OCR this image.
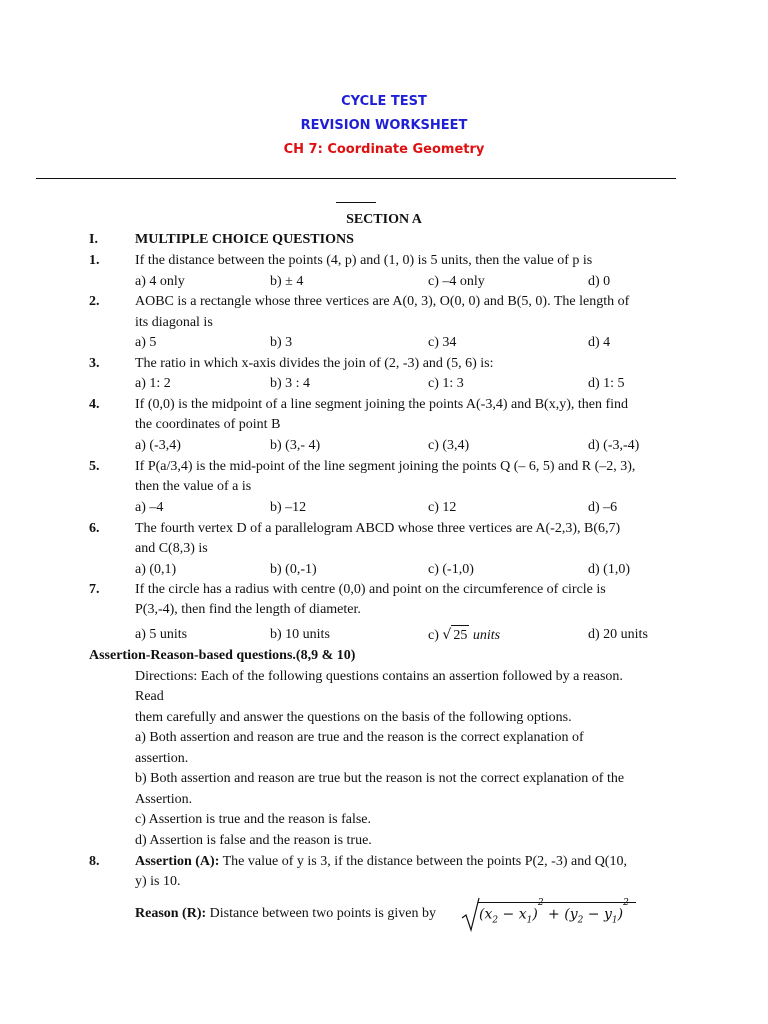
CYCLE TEST
REVISION WORKSHEET
CH 7: Coordinate Geometry
SECTION A
I.	MULTIPLE CHOICE QUESTIONS
1.	If the distance between the points (4, p) and (1, 0) is 5 units, then the value of p is
a) 4 only	b) ± 4	c) –4 only	d) 0
2.	AOBC is a rectangle whose three vertices are A(0, 3), O(0, 0) and B(5, 0). The length of
its diagonal is
a) 5	b) 3	c) 34	d) 4
3.	The ratio in which x-axis divides the join of (2, -3) and (5, 6) is:
a) 1: 2	b) 3 : 4	c) 1: 3	d) 1: 5
4.	If (0,0) is the midpoint of a line segment joining the points A(-3,4) and B(x,y), then find
the coordinates of point B
a) (-3,4)	b) (3,- 4)	c) (3,4)	d) (-3,-4)
5.	If P(a/3,4) is the mid-point of the line segment joining the points Q (– 6, 5) and R (–2, 3),
then the value of a is
a) –4	b) –12	c) 12	d) –6
6.	The fourth vertex D of a parallelogram ABCD whose three vertices are A(-2,3), B(6,7)
and C(8,3) is
a) (0,1)	b) (0,-1)	c) (-1,0)	d) (1,0)
7.	If the circle has a radius with centre (0,0) and point on the circumference of circle is
P(3,-4), then find the length of diameter.
a) 5 units	b) 10 units	c) √ 25 units	d) 20 units
Assertion-Reason-based questions.(8,9 & 10)
Directions: Each of the following questions contains an assertion followed by a reason.
Read
them carefully and answer the questions on the basis of the following options.
a) Both assertion and reason are true and the reason is the correct explanation of
assertion.
b) Both assertion and reason are true but the reason is not the correct explanation of the
Assertion.
c) Assertion is true and the reason is false.
d) Assertion is false and the reason is true.
8.	Assertion (A): The value of y is 3, if the distance between the points P(2, -3) and Q(10,
y) is 10.
Reason (R): Distance between two points is given by	$(x_2 - x_1)^2 + (y_2 - y_1)^2$
